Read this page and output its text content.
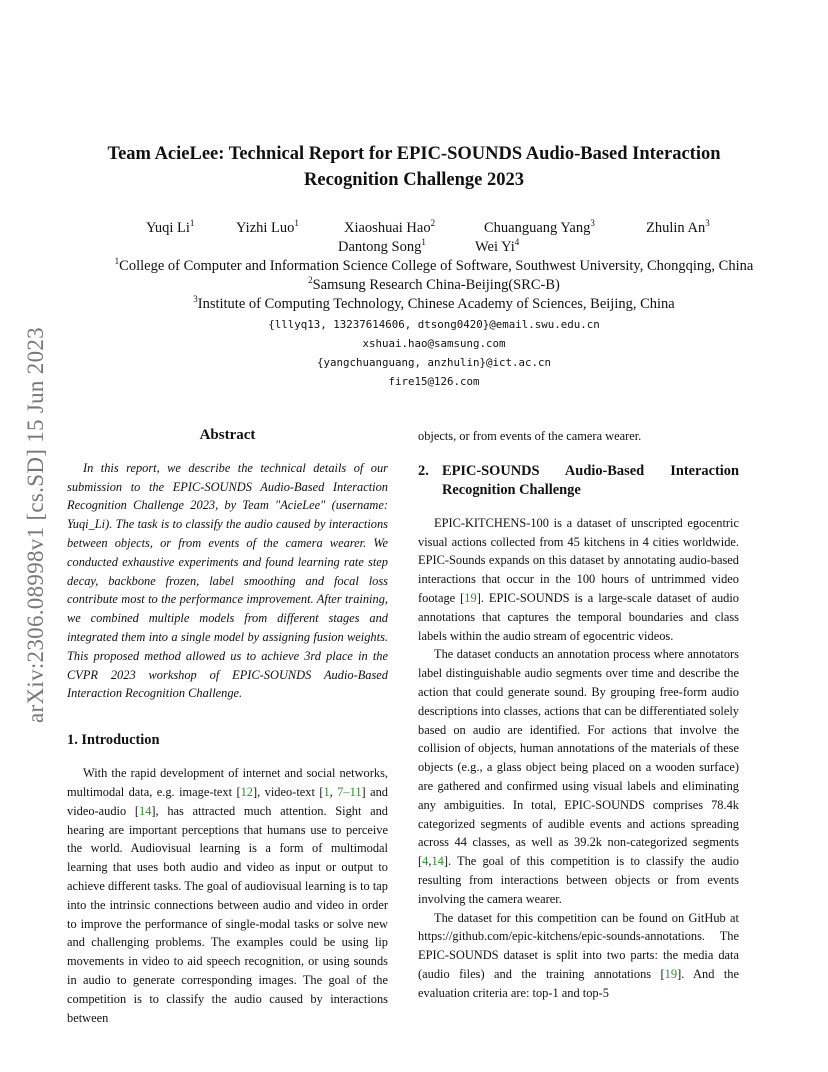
arXiv:2306.08998v1 [cs.SD] 15 Jun 2023
Team AcieLee: Technical Report for EPIC-SOUNDS Audio-Based Interaction
Recognition Challenge 2023
Yuqi Li$^1$	Yizhi Luo$^1$	Xiaoshuai Hao$^2$	Chuanguang Yang$^3$	Zhulin An$^3$
Dantong Song$^1$	Wei Yi$^4$
$^1$College of Computer and Information Science College of Software, Southwest University, Chongqing, China
$^2$Samsung Research China-Beijing(SRC-B)
$^3$Institute of Computing Technology, Chinese Academy of Sciences, Beijing, China
{lllyq13, 13237614606, dtsong0420}@email.swu.edu.cn
xshuai.hao@samsung.com
{yangchuanguang, anzhulin}@ict.ac.cn
fire15@126.com
Abstract

In this report, we describe the technical details of our submission to the EPIC-SOUNDS Audio-Based Interaction Recognition Challenge 2023, by Team "AcieLee" (username: Yuqi_Li). The task is to classify the audio caused by interactions between objects, or from events of the camera wearer. We conducted exhaustive experiments and found learning rate step decay, backbone frozen, label smoothing and focal loss contribute most to the performance improvement. After training, we combined multiple models from different stages and integrated them into a single model by assigning fusion weights. This proposed method allowed us to achieve 3rd place in the CVPR 2023 workshop of EPIC-SOUNDS Audio-Based Interaction Recognition Challenge.

1. Introduction

With the rapid development of internet and social networks, multimodal data, e.g. image-text [12], video-text [1, 7–11] and video-audio [14], has attracted much attention. Sight and hearing are important perceptions that humans use to perceive the world. Audiovisual learning is a form of multimodal learning that uses both audio and video as input or output to achieve different tasks. The goal of audiovisual learning is to tap into the intrinsic connections between audio and video in order to improve the performance of single-modal tasks or solve new and challenging problems. The examples could be using lip movements in video to aid speech recognition, or using sounds in audio to generate corresponding images. The goal of the competition is to classify the audio caused by interactions between

objects, or from events of the camera wearer.

2. EPIC-SOUNDS Audio-Based Interaction
Recognition Challenge

EPIC-KITCHENS-100 is a dataset of unscripted egocentric visual actions collected from 45 kitchens in 4 cities worldwide. EPIC-Sounds expands on this dataset by annotating audio-based interactions that occur in the 100 hours of untrimmed video footage [19]. EPIC-SOUNDS is a large-scale dataset of audio annotations that captures the temporal boundaries and class labels within the audio stream of egocentric videos.

The dataset conducts an annotation process where annotators label distinguishable audio segments over time and describe the action that could generate sound. By grouping free-form audio descriptions into classes, actions that can be differentiated solely based on audio are identified. For actions that involve the collision of objects, human annotations of the materials of these objects (e.g., a glass object being placed on a wooden surface) are gathered and confirmed using visual labels and eliminating any ambiguities. In total, EPIC-SOUNDS comprises 78.4k categorized segments of audible events and actions spreading across 44 classes, as well as 39.2k non-categorized segments [4,14]. The goal of this competition is to classify the audio resulting from interactions between objects or from events involving the camera wearer.

The dataset for this competition can be found on GitHub at https://github.com/epic-kitchens/epic-sounds-annotations. The EPIC-SOUNDS dataset is split into two parts: the media data (audio files) and the training annotations [19]. And the evaluation criteria are: top-1 and top-5
